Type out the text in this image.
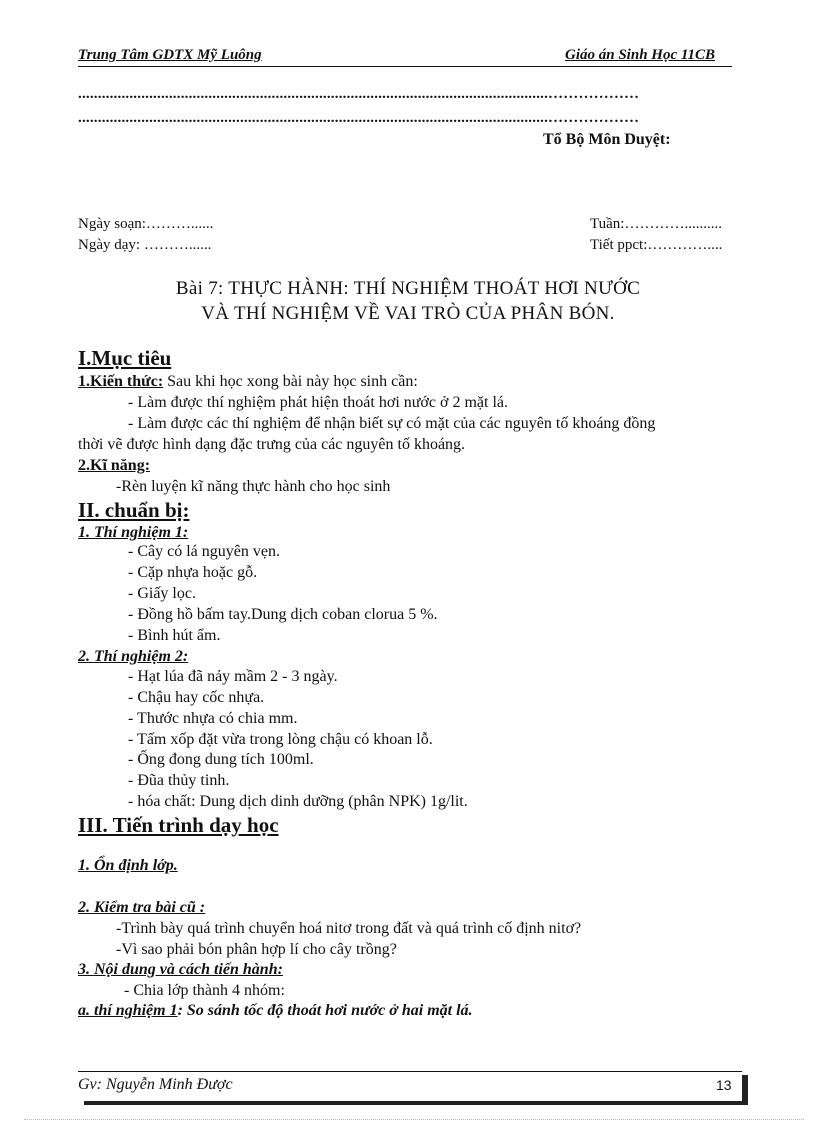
Trung Tâm GDTX Mỹ Luông	Giáo án Sinh Học 11CB
.......................................................................................................................………………
.......................................................................................................................………………
Tổ Bộ Môn Duyệt:
Ngày soạn:………......
Ngày dạy: ………......
Tuần:…………..........
Tiết ppct:…………....
Bài 7: THỰC HÀNH: THÍ NGHIỆM THOÁT HƠI NƯỚC
VÀ THÍ NGHIỆM VỀ VAI TRÒ CỦA PHÂN BÓN.
I.Mục tiêu
1.Kiến thức: Sau khi học xong bài này học sinh cần:
- Làm được thí nghiệm phát hiện thoát hơi nước ở 2 mặt lá.
- Làm được các thí nghiệm để nhận biết sự có mặt của các nguyên tố khoáng đồng
thời vẽ được hình dạng đặc trưng của các nguyên tố khoáng.
2.Kĩ năng:
-Rèn luyện kĩ năng thực hành cho học sinh
II. chuẩn bị:
1. Thí nghiệm 1:
- Cây có lá nguyên vẹn.
- Cặp nhựa hoặc gỗ.
- Giấy lọc.
- Đồng hồ bấm tay.Dung dịch coban clorua 5 %.
- Bình hút ẩm.
2. Thí nghiệm 2:
- Hạt lúa đã nảy mầm 2 - 3 ngày.
- Chậu hay cốc nhựa.
- Thước nhựa có chia mm.
- Tấm xốp đặt vừa trong lòng chậu có khoan lỗ.
- Ống đong dung tích 100ml.
- Đũa thủy tinh.
- hóa chất: Dung dịch dinh dưỡng (phân NPK) 1g/lit.
III. Tiến trình dạy học
1. Ổn định lớp.
2. Kiểm tra bài cũ :
-Trình bày quá trình chuyển hoá nitơ trong đất và quá trình cố định nitơ?
-Vì sao phải bón phân hợp lí cho cây trồng?
3. Nội dung và cách tiến hành:
- Chia lớp thành 4 nhóm:
a. thí nghiệm 1: So sánh tốc độ thoát hơi nước ở hai mặt lá.
Gv: Nguyễn Minh Được	13
